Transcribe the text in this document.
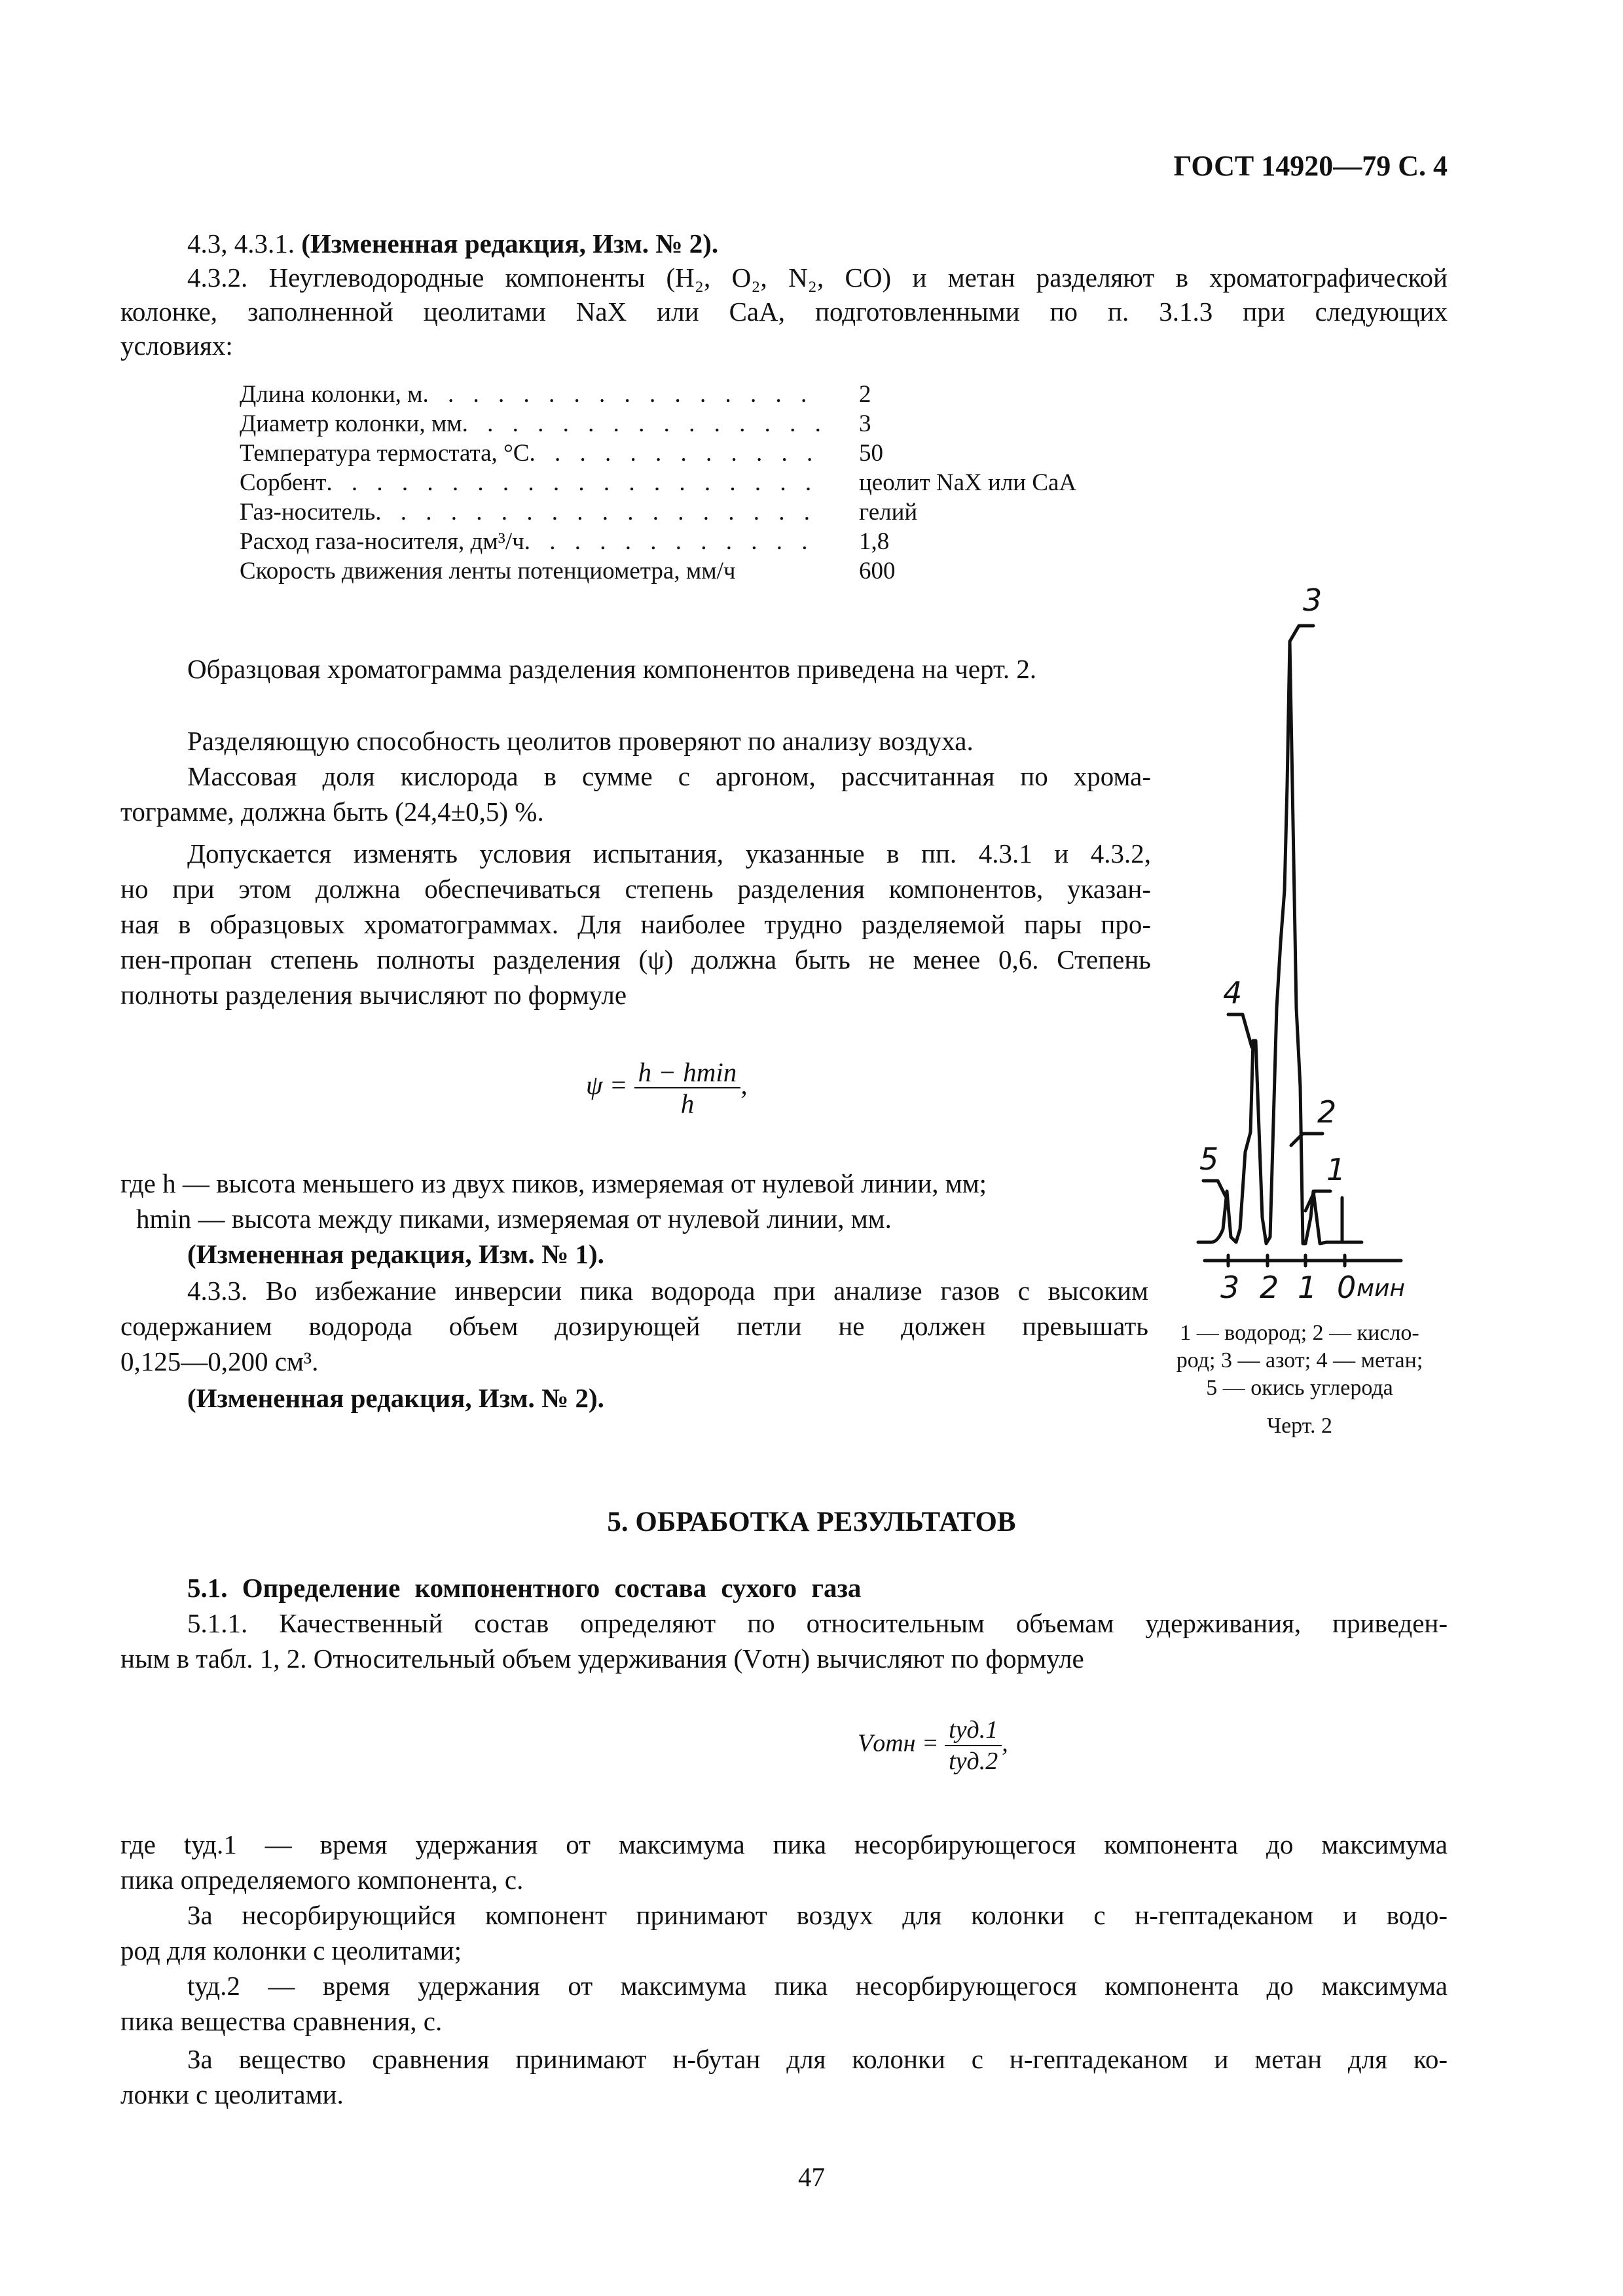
ГОСТ 14920—79 С. 4
4.3, 4.3.1. (Измененная редакция, Изм. № 2).
4.3.2. Неуглеводородные компоненты (H₂, O₂, N₂, CO) и метан разделяют в хроматографической
колонке, заполненной цеолитами NaX или CaA, подготовленными по п. 3.1.3 при следующих
условиях:
Длина колонки, м
. . .
Диаметр колонки, мм
. . .
Температура термостата, °С
. . .
Сорбент
. . .
Газ-носитель
. . .
Расход газа-носителя, дм³/ч
. . .
Скорость движения ленты потенциометра, мм/ч
2
3
50
цеолит NaX или CaA
гелий
1,8
600
Образцовая хроматограмма разделения компонентов приведена на черт. 2.
Разделяющую способность цеолитов проверяют по анализу воздуха.
Массовая доля кислорода в сумме с аргоном, рассчитанная по хрома-
тограмме, должна быть (24,4±0,5) %.
Допускается изменять условия испытания, указанные в пп. 4.3.1 и 4.3.2,
но при этом должна обеспечиваться степень разделения компонентов, указан-
ная в образцовых хроматограммах. Для наиболее трудно разделяемой пары про-
пен-пропан степень полноты разделения (ψ) должна быть не менее 0,6. Степень
полноты разделения вычисляют по формуле
$\psi = \frac{h - hmin}{h}$ ,
где h — высота меньшего из двух пиков, измеряемая от нулевой линии, мм;
hmin — высота между пиками, измеряемая от нулевой линии, мм.
(Измененная редакция, Изм. № 1).
4.3.3. Во избежание инверсии пика водорода при анализе газов с высоким
содержанием водорода объем дозирующей петли не должен превышать
0,125—0,200 см³.
(Измененная редакция, Изм. № 2).
3
4
2
1
5
3 2 1 0 мин
1 — водород; 2 — кисло-
род; 3 — азот; 4 — метан;
5 — окись углерода
Черт. 2
5. ОБРАБОТКА РЕЗУЛЬТАТОВ
5.1. Определение компонентного состава сухого газа
5.1.1. Качественный состав определяют по относительным объемам удерживания, приведен-
ным в табл. 1, 2. Относительный объем удерживания (Vотн) вычисляют по формуле
Vотн = $\frac{\text{tуд.1}}{\text{tуд.2}}$ ,
где tуд.1 — время удержания от максимума пика несорбирующегося компонента до максимума
пика определяемого компонента, с.
За несорбирующийся компонент принимают воздух для колонки с н-гептадеканом и водо-
род для колонки с цеолитами;
tуд.2 — время удержания от максимума пика несорбирующегося компонента до максимума
пика вещества сравнения, с.
За вещество сравнения принимают н-бутан для колонки с н-гептадеканом и метан для ко-
лонки с цеолитами.
47
